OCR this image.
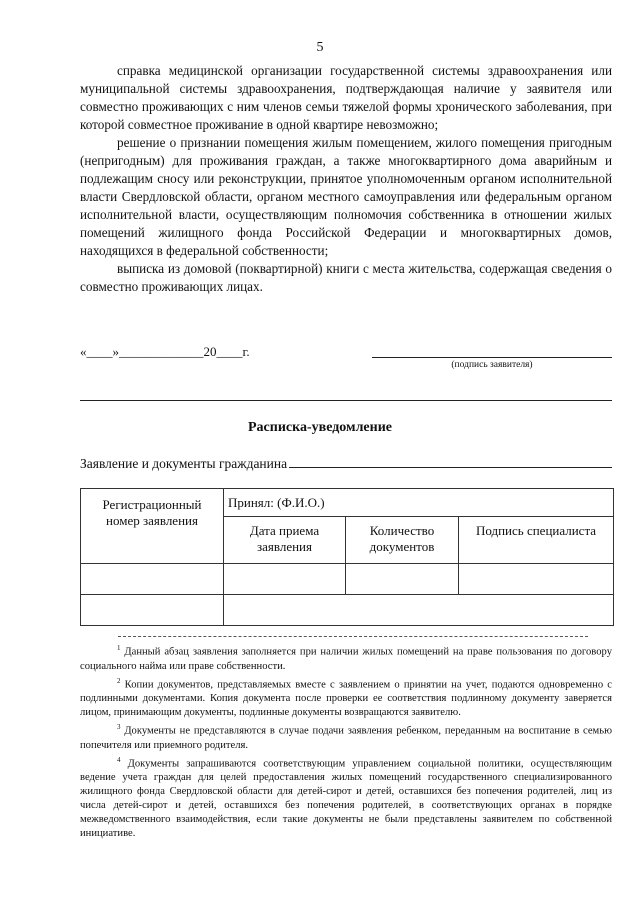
5

справка медицинской организации государственной системы здравоохранения или муниципальной системы здравоохранения, подтверждающая наличие у заявителя или совместно проживающих с ним членов семьи тяжелой формы хронического заболевания, при которой совместное проживание в одной квартире невозможно;

решение о признании помещения жилым помещением, жилого помещения пригодным (непригодным) для проживания граждан, а также многоквартирного дома аварийным и подлежащим сносу или реконструкции, принятое уполномоченным органом исполнительной власти Свердловской области, органом местного самоуправления или федеральным органом исполнительной власти, осуществляющим полномочия собственника в отношении жилых помещений жилищного фонда Российской Федерации и многоквартирных домов, находящихся в федеральной собственности;

выписка из домовой (поквартирной) книги с места жительства, содержащая сведения о совместно проживающих лицах.

«____»_____________20____г.
(подпись заявителя)
Расписка-уведомление
Заявление и документы гражданина
Регистрационный номер заявления	Принял: (Ф.И.О.)		
	Дата приема заявления	Количество документов	Подпись специалиста

$^1$ Данный абзац заявления заполняется при наличии жилых помещений на праве пользования по договору социального найма или праве собственности.

$^2$ Копии документов, представляемых вместе с заявлением о принятии на учет, подаются одновременно с подлинными документами. Копия документа после проверки ее соответствия подлинному документу заверяется лицом, принимающим документы, подлинные документы возвращаются заявителю.

$^3$ Документы не представляются в случае подачи заявления ребенком, переданным на воспитание в семью попечителя или приемного родителя.

$^4$ Документы запрашиваются соответствующим управлением социальной политики, осуществляющим ведение учета граждан для целей предоставления жилых помещений государственного специализированного жилищного фонда Свердловской области для детей-сирот и детей, оставшихся без попечения родителей, лиц из числа детей-сирот и детей, оставшихся без попечения родителей, в соответствующих органах в порядке межведомственного взаимодействия, если такие документы не были представлены заявителем по собственной инициативе.
